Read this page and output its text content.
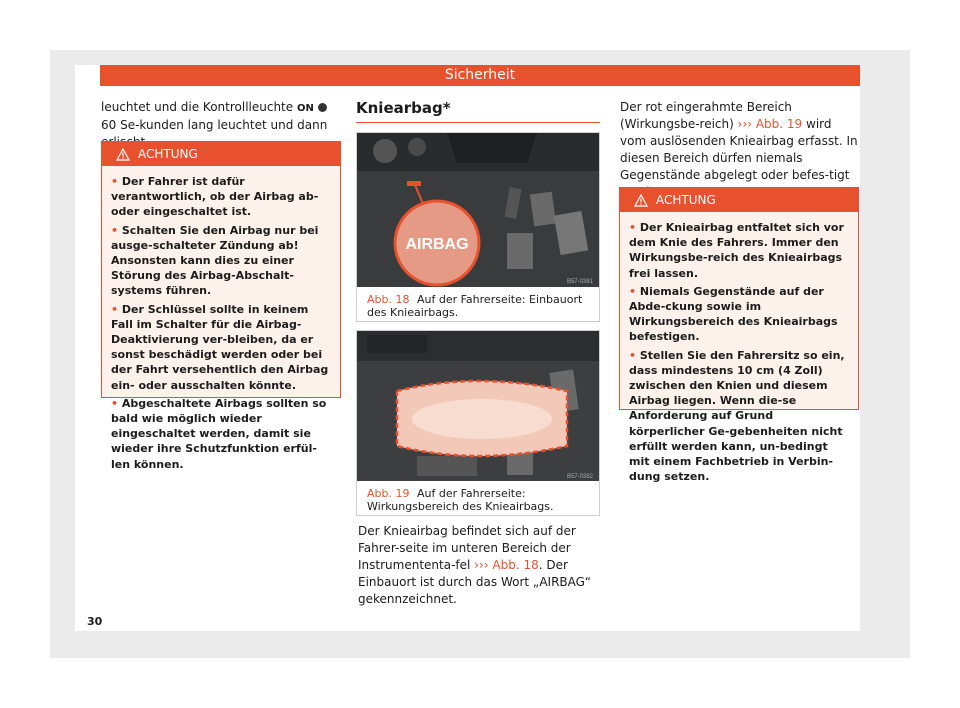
Sicherheit

leuchtet und die Kontrollleuchte ON  60 Se-kunden lang leuchtet und dann

ACHTUNG

• Der Fahrer ist dafür verantwortlich, ob der Airbag ab- oder eingeschaltet ist.

• Schalten Sie den Airbag nur bei ausge-schalteter Zündung ab! Ansonsten kann dies zu einer Störung des Airbag-Abschalt-systems führen.

• Der Schlüssel sollte in keinem Fall im Schalter für die Airbag-Deaktivierung ver-bleiben, da er sonst beschädigt werden oder bei der Fahrt versehentlich den Airbag ein- oder ausschalten könnte.

• Abgeschaltete Airbags sollten so bald wie möglich wieder eingeschaltet werden, damit sie wieder ihre Schutzfunktion erfül-len können.

Kniearbag*
AIRBAG
B57-0381
Abb. 18 Auf der Fahrerseite: Einbauort des Knieairbags.
B57-0382
Abb. 19 Auf der Fahrerseite: Wirkungsbereich des Knieairbags.

Der Knieairbag befindet sich auf der Fahrer-seite im unteren Bereich der Instrumententa-fel ››› Abb. 18. Der Einbauort ist durch das Wort „AIRBAG“ gekennzeichnet.

Der rot eingerahmte Bereich (Wirkungsbe-reich) ››› Abb. 19 wird vom auslösenden Knieairbag erfasst. In diesen Bereich dürfen niemals Gegenstände abgelegt oder befes-tigt

ACHTUNG

• Der Knieairbag entfaltet sich vor dem Knie des Fahrers. Immer den Wirkungsbe-reich des Knieairbags frei lassen.

• Niemals Gegenstände auf der Abde-ckung sowie im Wirkungsbereich des Knieairbags befestigen.

• Stellen Sie den Fahrersitz so ein, dass mindestens 10 cm (4 Zoll) zwischen den Knien und diesem Airbag liegen. Wenn die-se Anforderung auf Grund körperlicher Ge-gebenheiten nicht erfüllt werden kann, un-bedingt mit einem Fachbetrieb in Verbin-dung setzen.

30
